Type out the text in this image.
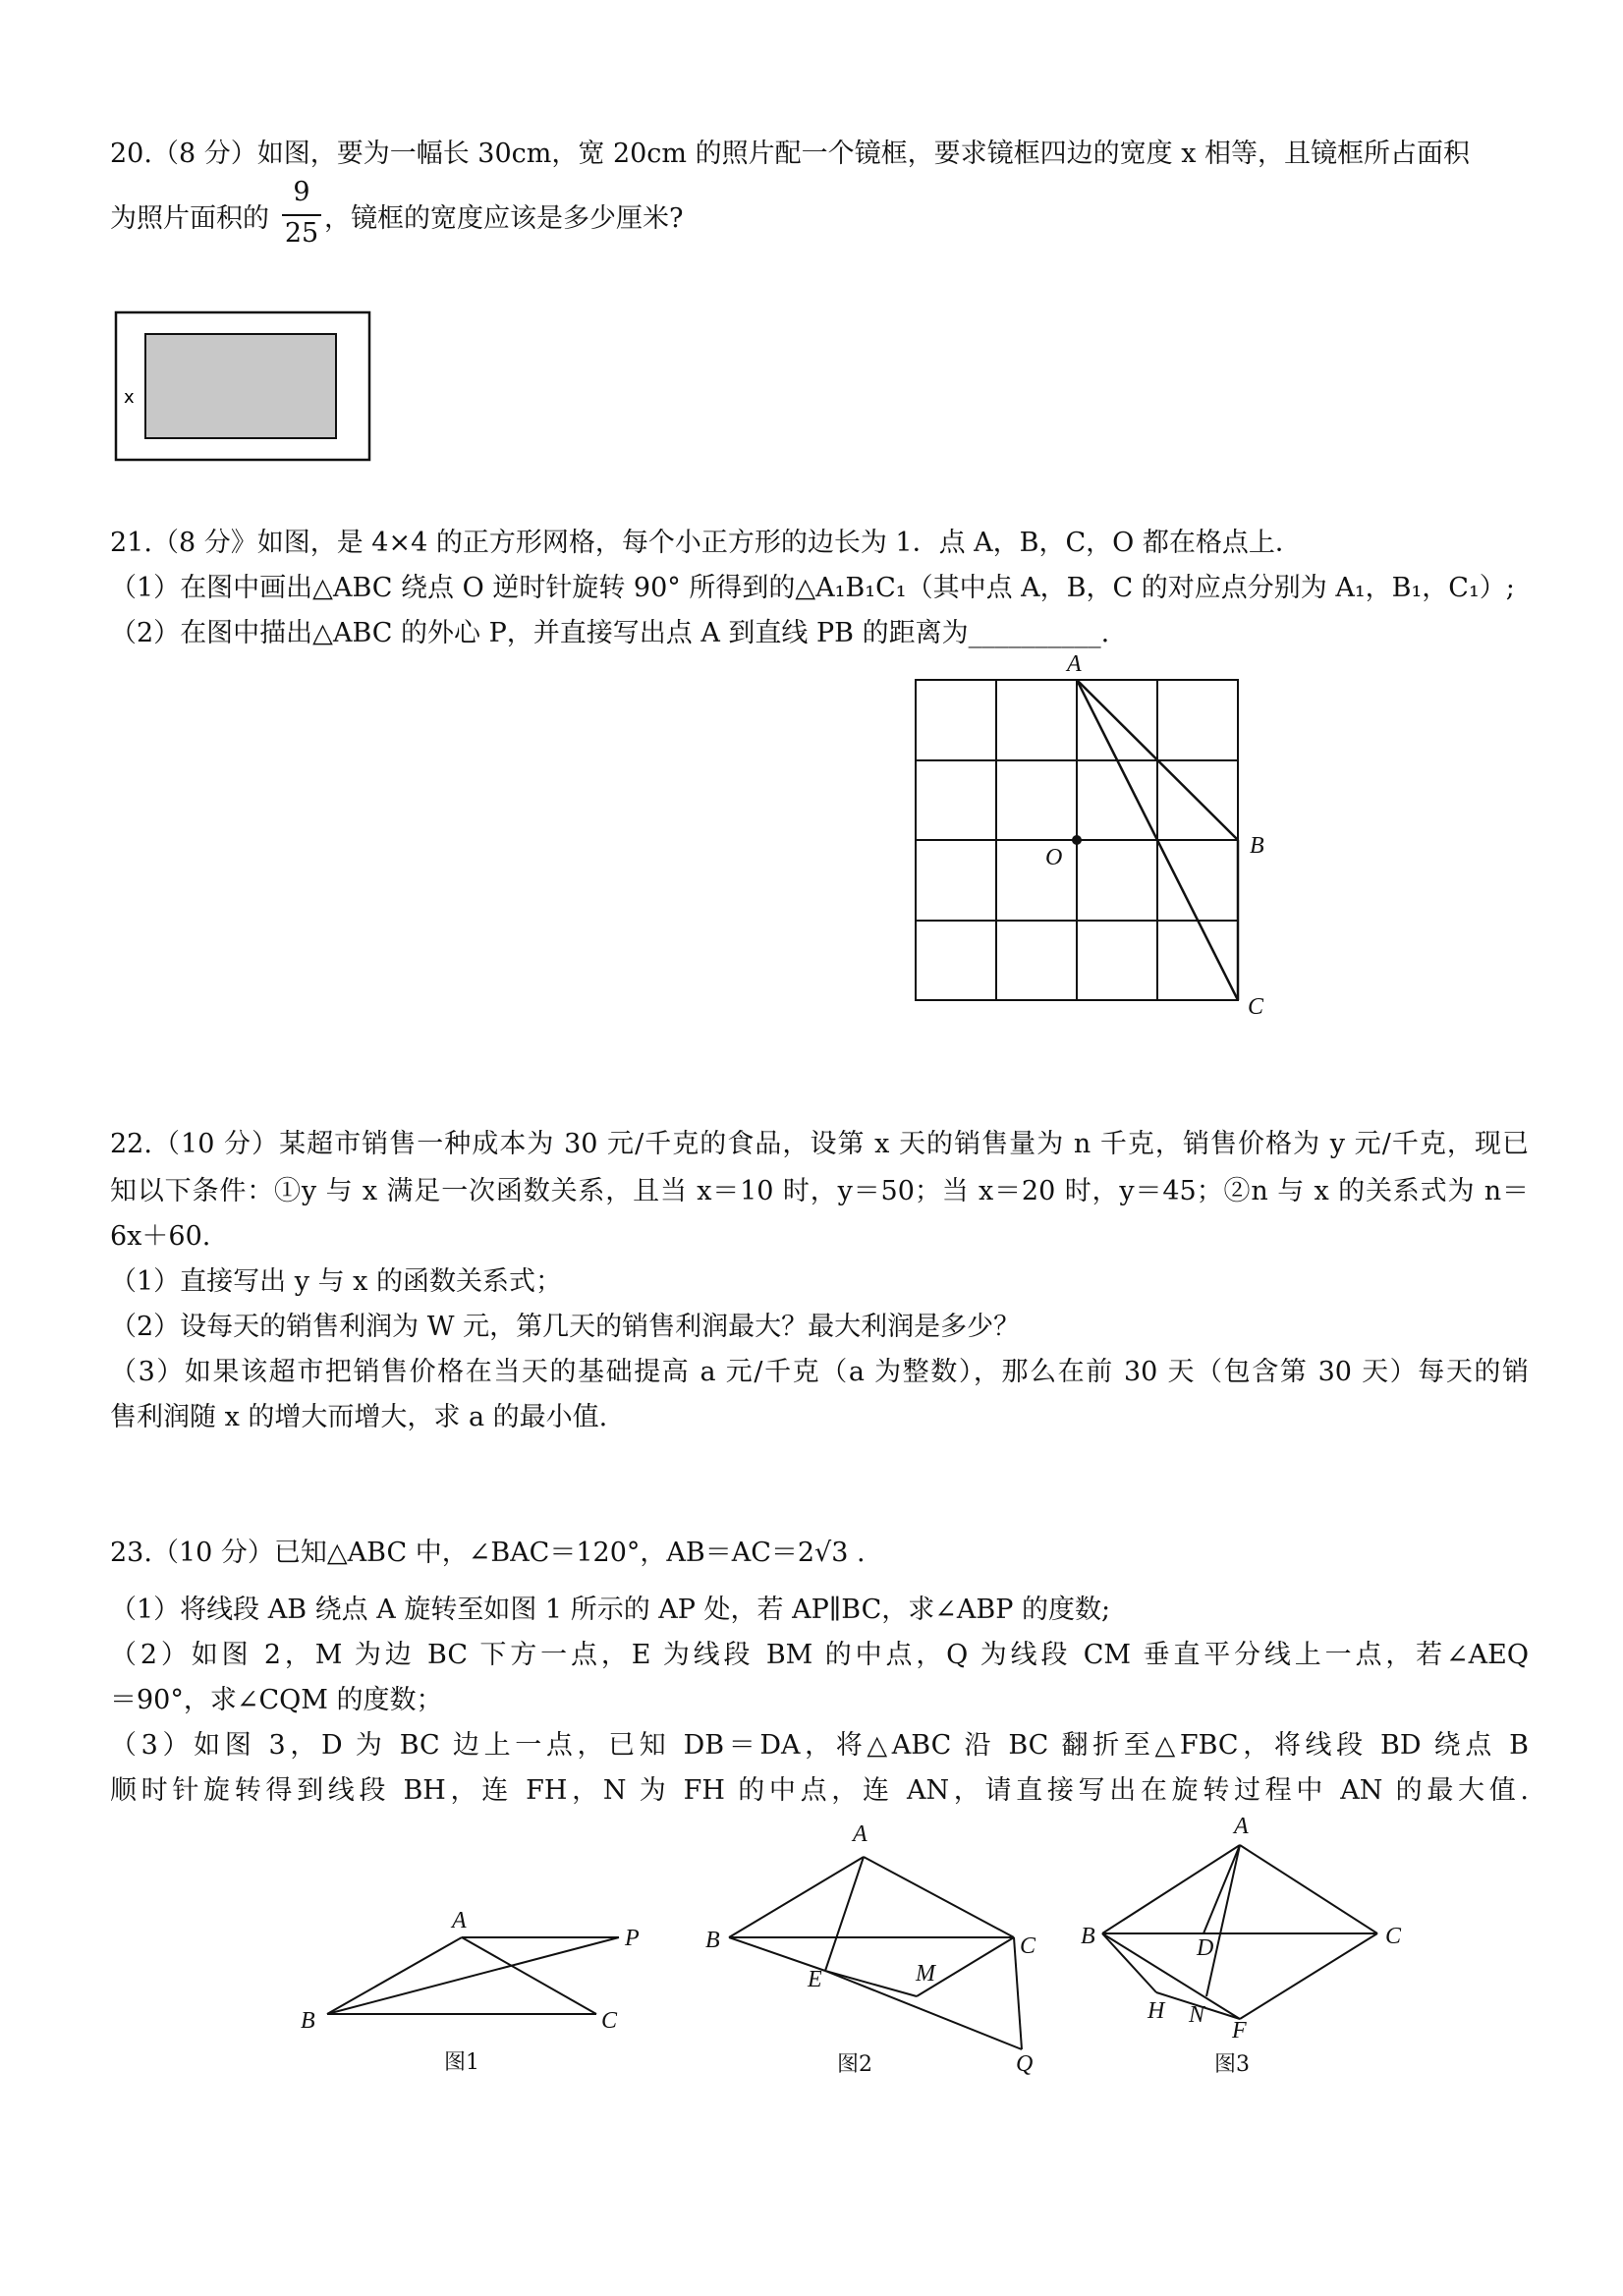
20.（8 分）如图，要为一幅长 30cm，宽 20cm 的照片配一个镜框，要求镜框四边的宽度 x 相等，且镜框所占面积
为照片面积的
9
25 ，镜框的宽度应该是多少厘米?
21.（8 分》如图，是 4×4 的正方形网格，每个小正方形的边长为 1．点 A，B，C，O 都在格点上．
（1）在图中画出△ABC 绕点 O 逆时针旋转 90° 所得到的△A₁B₁C₁（其中点 A，B，C 的对应点分别为 A₁，B₁，C₁）;
（2）在图中描出△ABC 的外心 P，并直接写出点 A 到直线 PB 的距离为__________.
22.（10 分）某超市销售一种成本为 30 元/千克的食品，设第 x 天的销售量为 n 千克，销售价格为 y 元/千克，现已
知以下条件：①y 与 x 满足一次函数关系，且当 x＝10 时，y＝50；当 x＝20 时，y＝45；②n 与 x 的关系式为 n＝
6x＋60.
（1）直接写出 y 与 x 的函数关系式；
（2）设每天的销售利润为 W 元，第几天的销售利润最大？最大利润是多少？
（3）如果该超市把销售价格在当天的基础提高 a 元/千克（a 为整数），那么在前 30 天（包含第 30 天）每天的销
售利润随 x 的增大而增大，求 a 的最小值.
23.（10 分）已知△ABC 中，∠BAC＝120°，AB＝AC＝2√3 .
（1）将线段 AB 绕点 A 旋转至如图 1 所示的 AP 处，若 AP∥BC，求∠ABP 的度数;
（2）如图 2，M 为边 BC 下方一点，E 为线段 BM 的中点，Q 为线段 CM 垂直平分线上一点，若∠AEQ
＝90°，求∠CQM 的度数；
（3）如图 3，D 为 BC 边上一点，已知 DB＝DA，将△ABC 沿 BC 翻折至△FBC，将线段 BD 绕点 B
顺时针旋转得到线段 BH，连 FH，N 为 FH 的中点，连 AN，请直接写出在旋转过程中 AN 的最大值.
x
A
B
C
O
A
B	C
P
图1
A
B	C
E	M
Q
图2
A
B	C
D
H N
F
图3
